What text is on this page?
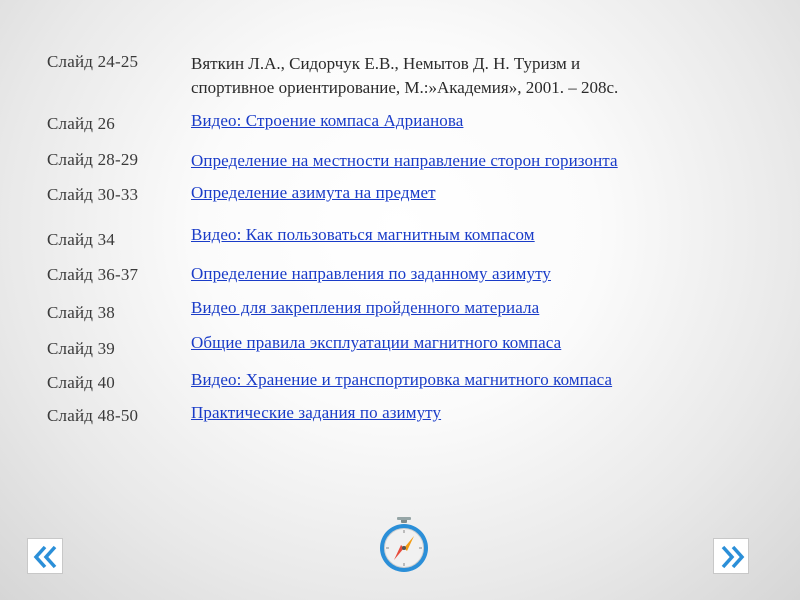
Слайд 24-25	Вяткин Л.А., Сидорчук Е.В., Немытов Д. Н. Туризм и
спортивное ориентирование, М.:»Академия», 2001. – 208с.
Слайд 26	Видео: Строение компаса Адрианова
Слайд 28-29	Определение на местности направление сторон горизонта
Слайд 30-33	Определение азимута на предмет
Слайд 34	Видео: Как пользоваться магнитным компасом
Слайд 36-37	Определение направления по заданному азимуту
Слайд 38	Видео для закрепления пройденного материала
Слайд 39	Общие правила эксплуатации магнитного компаса
Слайд 40	Видео: Хранение и транспортировка магнитного компаса
Слайд 48-50	Практические задания по азимуту
